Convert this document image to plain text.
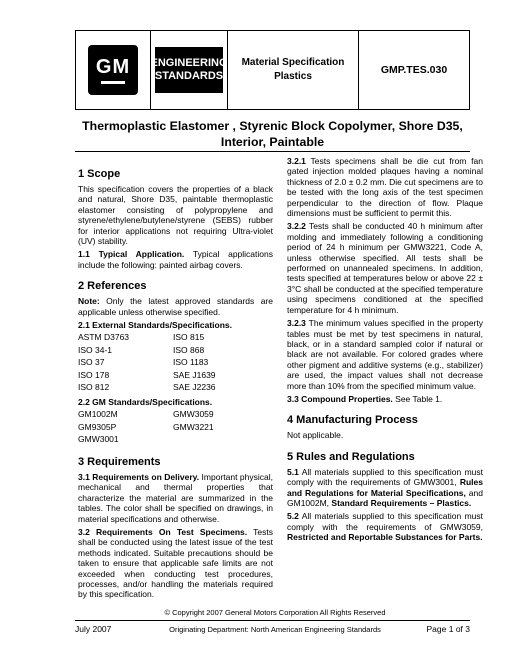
GM ENGINEERING
STANDARDS
Material Specification
Plastics
GMP.TES.030
Thermoplastic Elastomer , Styrenic Block Copolymer, Shore D35,
Interior, Paintable
1 Scope

This specification covers the properties of a black and natural, Shore D35, paintable thermoplastic elastomer consisting of polypropylene and styrene/ethylene/butylene/styrene (SEBS) rubber for interior applications not requiring Ultra-violet (UV) stability.

1.1 Typical Application. Typical applications include the following: painted airbag covers.

2 References

Note: Only the latest approved standards are applicable unless otherwise specified.

2.1 External Standards/Specifications.

ASTM D3763	ISO 815
ISO 34-1	ISO 868
ISO 37	ISO 1183
ISO 178	SAE J1639
ISO 812	SAE J2236

2.2 GM Standards/Specifications.

GM1002M	GMW3059
GM9305P	GMW3221
GMW3001
3 Requirements

3.1 Requirements on Delivery. Important physical, mechanical and thermal properties that characterize the material are summarized in the tables. The color shall be specified on drawings, in material specifications and otherwise.

3.2 Requirements On Test Specimens. Tests shall be conducted using the latest issue of the test methods indicated. Suitable precautions should be taken to ensure that applicable safe limits are not exceeded when conducting test procedures, processes, and/or handling the materials required by this specification.

3.2.1 Tests specimens shall be die cut from fan gated injection molded plaques having a nominal thickness of 2.0 ± 0.2 mm. Die cut specimens are to be tested with the long axis of the test specimen perpendicular to the direction of flow. Plaque dimensions must be sufficient to permit this.

3.2.2 Tests shall be conducted 40 h minimum after molding and immediately following a conditioning period of 24 h minimum per GMW3221, Code A, unless otherwise specified. All tests shall be performed on unannealed specimens. In addition, tests specified at temperatures below or above 22 ± 3°C shall be conducted at the specified temperature using specimens conditioned at the specified temperature for 4 h minimum.

3.2.3 The minimum values specified in the property tables must be met by test specimens in natural, black, or in a standard sampled color if natural or black are not available. For colored grades where other pigment and additive systems (e.g., stabilizer) are used, the impact values shall not decrease more than 10% from the specified minimum value.

3.3 Compound Properties. See Table 1.

4 Manufacturing Process

Not applicable.

5 Rules and Regulations

5.1 All materials supplied to this specification must comply with the requirements of GMW3001, Rules and Regulations for Material Specifications, and GM1002M, Standard Requirements – Plastics.

5.2 All materials supplied to this specification must comply with the requirements of GMW3059, Restricted and Reportable Substances for Parts.

© Copyright 2007 General Motors Corporation All Rights Reserved
July 2007	Originating Department: North American Engineering Standards	Page 1 of 3
